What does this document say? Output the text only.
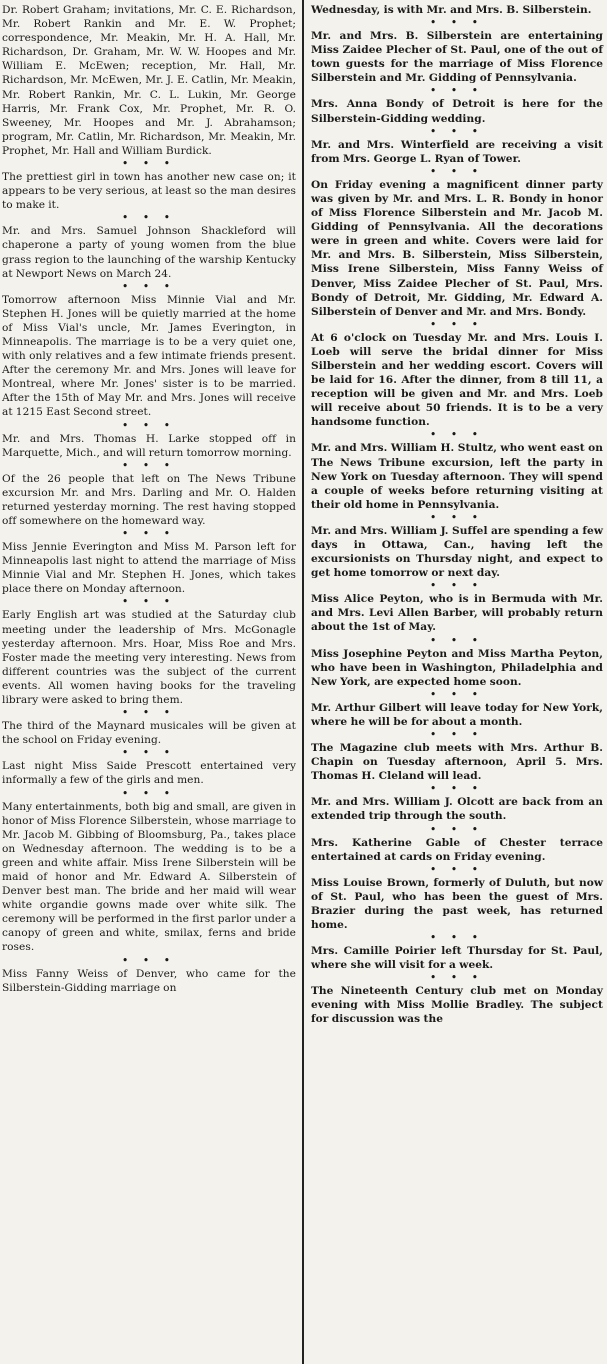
Dr. Robert Graham; invitations, Mr. C. E. Richardson, Mr. Robert Rankin and Mr. E. W. Prophet; correspondence, Mr. Meakin, Mr. H. A. Hall, Mr. Richardson, Dr. Graham, Mr. W. W. Hoopes and Mr. William E. McEwen; reception, Mr. Hall, Mr. Richardson, Mr. McEwen, Mr. J. E. Catlin, Mr. Meakin, Mr. Robert Rankin, Mr. C. L. Lukin, Mr. George Harris, Mr. Frank Cox, Mr. Prophet, Mr. R. O. Sweeney, Mr. Hoopes and Mr. J. Abrahamson; program, Mr. Catlin, Mr. Richardson, Mr. Meakin, Mr. Prophet, Mr. Hall and William Burdick.

• • •

The prettiest girl in town has another new case on; it appears to be very serious, at least so the man desires to make it.

• • •

Mr. and Mrs. Samuel Johnson Shackleford will chaperone a party of young women from the blue grass region to the launching of the warship Kentucky at Newport News on March 24.

• • •

Tomorrow afternoon Miss Minnie Vial and Mr. Stephen H. Jones will be quietly married at the home of Miss Vial's uncle, Mr. James Everington, in Minneapolis. The marriage is to be a very quiet one, with only relatives and a few intimate friends present. After the ceremony Mr. and Mrs. Jones will leave for Montreal, where Mr. Jones' sister is to be married. After the 15th of May Mr. and Mrs. Jones will receive at 1215 East Second street.

• • •

Mr. and Mrs. Thomas H. Larke stopped off in Marquette, Mich., and will return tomorrow morning.

• • •

Of the 26 people that left on The News Tribune excursion Mr. and Mrs. Darling and Mr. O. Halden returned yesterday morning. The rest having stopped off somewhere on the homeward way.

• • •

Miss Jennie Everington and Miss M. Parson left for Minneapolis last night to attend the marriage of Miss Minnie Vial and Mr. Stephen H. Jones, which takes place there on Monday afternoon.

• • •

Early English art was studied at the Saturday club meeting under the leadership of Mrs. McGonagle yesterday afternoon. Mrs. Hoar, Miss Roe and Mrs. Foster made the meeting very interesting. News from different countries was the subject of the current events. All women having books for the traveling library were asked to bring them.

• • •

The third of the Maynard musicales will be given at the school on Friday evening.

• • •

Last night Miss Saide Prescott entertained very informally a few of the girls and men.

• • •

Many entertainments, both big and small, are given in honor of Miss Florence Silberstein, whose marriage to Mr. Jacob M. Gibbing of Bloomsburg, Pa., takes place on Wednesday afternoon. The wedding is to be a green and white affair. Miss Irene Silberstein will be maid of honor and Mr. Edward A. Silberstein of Denver best man. The bride and her maid will wear white organdie gowns made over white silk. The ceremony will be performed in the first parlor under a canopy of green and white, smilax, ferns and bride roses.

• • •

Miss Fanny Weiss of Denver, who came for the Silberstein-Gidding marriage on

Wednesday, is with Mr. and Mrs. B. Silberstein.

• • •

Mr. and Mrs. B. Silberstein are entertaining Miss Zaidee Plecher of St. Paul, one of the out of town guests for the marriage of Miss Florence Silberstein and Mr. Gidding of Pennsylvania.

• • •

Mrs. Anna Bondy of Detroit is here for the Silberstein-Gidding wedding.

• • •

Mr. and Mrs. Winterfield are receiving a visit from Mrs. George L. Ryan of Tower.

• • •

On Friday evening a magnificent dinner party was given by Mr. and Mrs. L. R. Bondy in honor of Miss Florence Silberstein and Mr. Jacob M. Gidding of Pennsylvania. All the decorations were in green and white. Covers were laid for Mr. and Mrs. B. Silberstein, Miss Silberstein, Miss Irene Silberstein, Miss Fanny Weiss of Denver, Miss Zaidee Plecher of St. Paul, Mrs. Bondy of Detroit, Mr. Gidding, Mr. Edward A. Silberstein of Denver and Mr. and Mrs. Bondy.

• • •

At 6 o'clock on Tuesday Mr. and Mrs. Louis I. Loeb will serve the bridal dinner for Miss Silberstein and her wedding escort. Covers will be laid for 16. After the dinner, from 8 till 11, a reception will be given and Mr. and Mrs. Loeb will receive about 50 friends. It is to be a very handsome function.

• • •

Mr. and Mrs. William H. Stultz, who went east on The News Tribune excursion, left the party in New York on Tuesday afternoon. They will spend a couple of weeks before returning visiting at their old home in Pennsylvania.

• • •

Mr. and Mrs. William J. Suffel are spending a few days in Ottawa, Can., having left the excursionists on Thursday night, and expect to get home tomorrow or next day.

• • •

Miss Alice Peyton, who is in Bermuda with Mr. and Mrs. Levi Allen Barber, will probably return about the 1st of May.

• • •

Miss Josephine Peyton and Miss Martha Peyton, who have been in Washington, Philadelphia and New York, are expected home soon.

• • •

Mr. Arthur Gilbert will leave today for New York, where he will be for about a month.

• • •

The Magazine club meets with Mrs. Arthur B. Chapin on Tuesday afternoon, April 5. Mrs. Thomas H. Cleland will lead.

• • •

Mr. and Mrs. William J. Olcott are back from an extended trip through the south.

• • •

Mrs. Katherine Gable of Chester terrace entertained at cards on Friday evening.

• • •

Miss Louise Brown, formerly of Duluth, but now of St. Paul, who has been the guest of Mrs. Brazier during the past week, has returned home.

• • •

Mrs. Camille Poirier left Thursday for St. Paul, where she will visit for a week.

• • •

The Nineteenth Century club met on Monday evening with Miss Mollie Bradley. The subject for discussion was the
